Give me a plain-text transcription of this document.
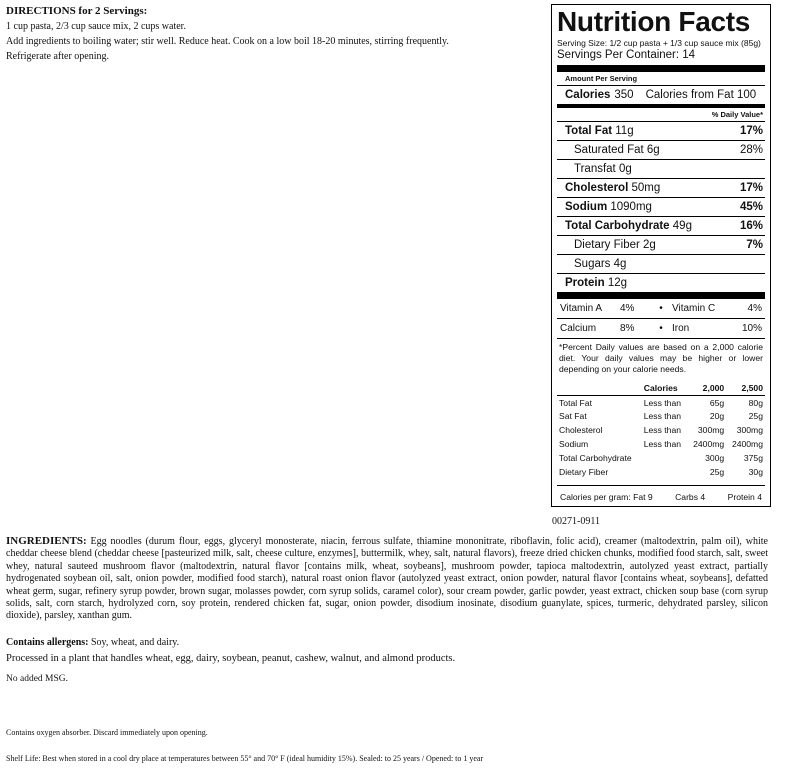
DIRECTIONS for 2 Servings:
1 cup pasta, 2/3 cup sauce mix, 2 cups water.
Add ingredients to boiling water; stir well. Reduce heat. Cook on a low boil 18-20 minutes, stirring frequently.
Refrigerate after opening.
Nutrition Facts
Serving Size: 1/2 cup pasta + 1/3 cup sauce mix (85g)
Servings Per Container: 14
Amount Per Serving
Calories 350 Calories from Fat 100
% Daily Value*
Total Fat 11g	17%
Saturated Fat 6g	28%
Transfat 0g
Cholesterol 50mg	17%
Sodium 1090mg	45%
Total Carbohydrate 49g	16%
Dietary Fiber 2g	7%
Sugars 4g
Protein 12g
Vitamin A	4%	• Vitamin C	4%
Calcium	8%	• Iron	10%
*Percent Daily values are based on a 2,000 calorie diet. Your daily values may be higher or lower depending on your calorie needs.
	Calories	2,000	2,500
Total Fat	Less than	65g	80g
Sat Fat	Less than	20g	25g
Cholesterol	Less than	300mg	300mg
Sodium	Less than	2400mg	2400mg
Total Carbohydrate		300g	375g
Dietary Fiber		25g	30g
Calories per gram: Fat 9	Carbs 4	Protein 4
00271-0911
INGREDIENTS: Egg noodles (durum flour, eggs, glyceryl monosterate, niacin, ferrous sulfate, thiamine mononitrate, riboflavin, folic acid), creamer (maltodextrin, palm oil), white cheddar cheese blend (cheddar cheese [pasteurized milk, salt, cheese culture, enzymes], buttermilk, whey, salt, natural flavors), freeze dried chicken chunks, modified food starch, salt, sweet whey, natural sauteed mushroom flavor (maltodextrin, natural flavor [contains milk, wheat, soybeans], mushroom powder, tapioca maltodextrin, autolyzed yeast extract, partially hydrogenated soybean oil, salt, onion powder, modified food starch), natural roast onion flavor (autolyzed yeast extract, onion powder, natural flavor [contains wheat, soybeans], defatted wheat germ, sugar, refinery syrup powder, brown sugar, molasses powder, corn syrup solids, caramel color), sour cream powder, garlic powder, yeast extract, chicken soup base (corn syrup solids, salt, corn starch, hydrolyzed corn, soy protein, rendered chicken fat, sugar, onion powder, disodium inosinate, disodium guanylate, spices, turmeric, dehydrated parsley, silicon dioxide), parsley, xanthan gum.
Contains allergens: Soy, wheat, and dairy.
Processed in a plant that handles wheat, egg, dairy, soybean, peanut, cashew, walnut, and almond products.
No added MSG.
Contains oxygen absorber. Discard immediately upon opening.
Shelf Life: Best when stored in a cool dry place at temperatures between 55° and 70° F (ideal humidity 15%). Sealed: to 25 years / Opened: to 1 year
